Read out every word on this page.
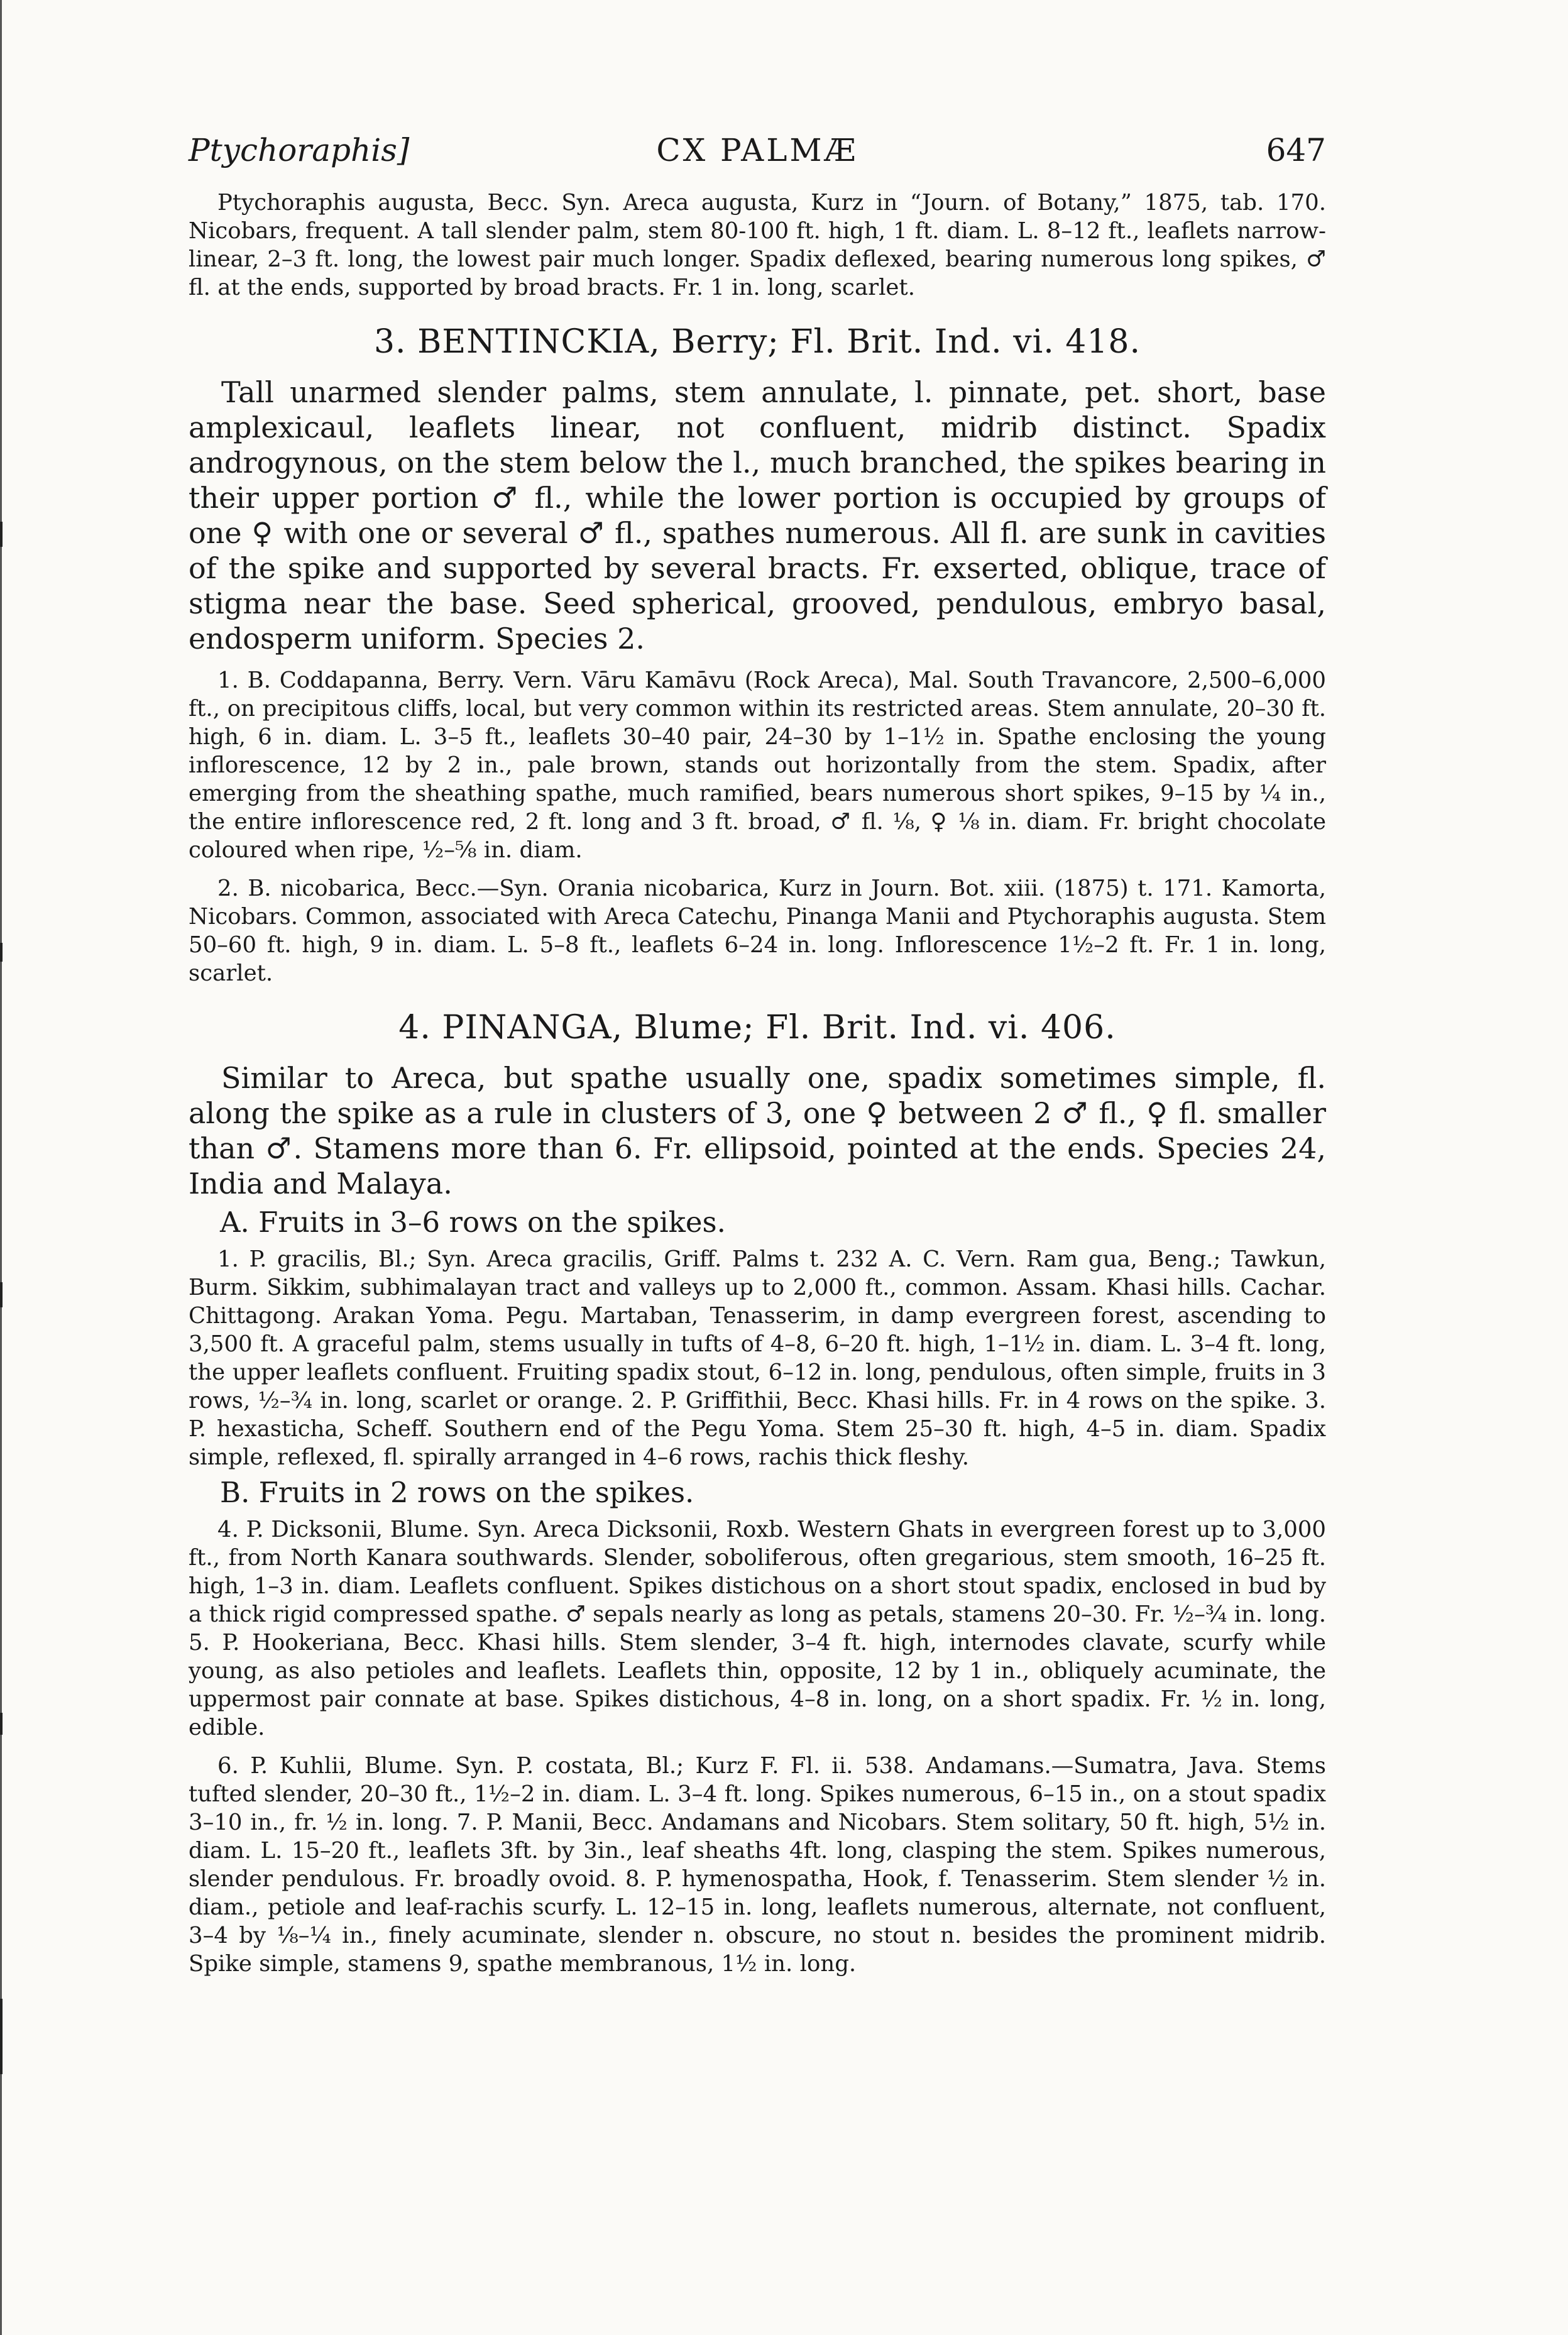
Ptychoraphis]	CX PALMÆ	647

Ptychoraphis augusta, Becc. Syn. Areca augusta, Kurz in “Journ. of Botany,” 1875, tab. 170. Nicobars, frequent. A tall slender palm, stem 80-100 ft. high, 1 ft. diam. L. 8–12 ft., leaflets narrow-linear, 2–3 ft. long, the lowest pair much longer. Spadix deflexed, bearing numerous long spikes, ♂ fl. at the ends, supported by broad bracts. Fr. 1 in. long, scarlet.

3. BENTINCKIA, Berry; Fl. Brit. Ind. vi. 418.

Tall unarmed slender palms, stem annulate, l. pinnate, pet. short, base amplexicaul, leaflets linear, not confluent, midrib distinct. Spadix androgynous, on the stem below the l., much branched, the spikes bearing in their upper portion ♂ fl., while the lower portion is occupied by groups of one ♀ with one or several ♂ fl., spathes numerous. All fl. are sunk in cavities of the spike and supported by several bracts. Fr. exserted, oblique, trace of stigma near the base. Seed spherical, grooved, pendulous, embryo basal, endosperm uniform. Species 2.

1. B. Coddapanna, Berry. Vern. Vāru Kamāvu (Rock Areca), Mal. South Travancore, 2,500–6,000 ft., on precipitous cliffs, local, but very common within its restricted areas. Stem annulate, 20–30 ft. high, 6 in. diam. L. 3–5 ft., leaflets 30–40 pair, 24–30 by 1–1½ in. Spathe enclosing the young inflorescence, 12 by 2 in., pale brown, stands out horizontally from the stem. Spadix, after emerging from the sheathing spathe, much ramified, bears numerous short spikes, 9–15 by ¼ in., the entire inflorescence red, 2 ft. long and 3 ft. broad, ♂ fl. ⅛, ♀ ⅛ in. diam. Fr. bright chocolate coloured when ripe, ½–⅝ in. diam.

2. B. nicobarica, Becc.—Syn. Orania nicobarica, Kurz in Journ. Bot. xiii. (1875) t. 171. Kamorta, Nicobars. Common, associated with Areca Catechu, Pinanga Manii and Ptychoraphis augusta. Stem 50–60 ft. high, 9 in. diam. L. 5–8 ft., leaflets 6–24 in. long. Inflorescence 1½–2 ft. Fr. 1 in. long, scarlet.

4. PINANGA, Blume; Fl. Brit. Ind. vi. 406.

Similar to Areca, but spathe usually one, spadix sometimes simple, fl. along the spike as a rule in clusters of 3, one ♀ between 2 ♂ fl., ♀ fl. smaller than ♂. Stamens more than 6. Fr. ellipsoid, pointed at the ends. Species 24, India and Malaya.

A. Fruits in 3–6 rows on the spikes.

1. P. gracilis, Bl.; Syn. Areca gracilis, Griff. Palms t. 232 A. C. Vern. Ram gua, Beng.; Tawkun, Burm. Sikkim, subhimalayan tract and valleys up to 2,000 ft., common. Assam. Khasi hills. Cachar. Chittagong. Arakan Yoma. Pegu. Martaban, Tenasserim, in damp evergreen forest, ascending to 3,500 ft. A graceful palm, stems usually in tufts of 4–8, 6–20 ft. high, 1–1½ in. diam. L. 3–4 ft. long, the upper leaflets confluent. Fruiting spadix stout, 6–12 in. long, pendulous, often simple, fruits in 3 rows, ½–¾ in. long, scarlet or orange. 2. P. Griffithii, Becc. Khasi hills. Fr. in 4 rows on the spike. 3. P. hexasticha, Scheff. Southern end of the Pegu Yoma. Stem 25–30 ft. high, 4–5 in. diam. Spadix simple, reflexed, fl. spirally arranged in 4–6 rows, rachis thick fleshy.

B. Fruits in 2 rows on the spikes.

4. P. Dicksonii, Blume. Syn. Areca Dicksonii, Roxb. Western Ghats in evergreen forest up to 3,000 ft., from North Kanara southwards. Slender, soboliferous, often gregarious, stem smooth, 16–25 ft. high, 1–3 in. diam. Leaflets confluent. Spikes distichous on a short stout spadix, enclosed in bud by a thick rigid compressed spathe. ♂ sepals nearly as long as petals, stamens 20–30. Fr. ½–¾ in. long. 5. P. Hookeriana, Becc. Khasi hills. Stem slender, 3–4 ft. high, internodes clavate, scurfy while young, as also petioles and leaflets. Leaflets thin, opposite, 12 by 1 in., obliquely acuminate, the uppermost pair connate at base. Spikes distichous, 4–8 in. long, on a short spadix. Fr. ½ in. long, edible.

6. P. Kuhlii, Blume. Syn. P. costata, Bl.; Kurz F. Fl. ii. 538. Andamans.—Sumatra, Java. Stems tufted slender, 20–30 ft., 1½–2 in. diam. L. 3–4 ft. long. Spikes numerous, 6–15 in., on a stout spadix 3–10 in., fr. ½ in. long. 7. P. Manii, Becc. Andamans and Nicobars. Stem solitary, 50 ft. high, 5½ in. diam. L. 15–20 ft., leaflets 3ft. by 3in., leaf sheaths 4ft. long, clasping the stem. Spikes numerous, slender pendulous. Fr. broadly ovoid. 8. P. hymenospatha, Hook, f. Tenasserim. Stem slender ½ in. diam., petiole and leaf-rachis scurfy. L. 12–15 in. long, leaflets numerous, alternate, not confluent, 3–4 by ⅛–¼ in., finely acuminate, slender n. obscure, no stout n. besides the prominent midrib. Spike simple, stamens 9, spathe membranous, 1½ in. long.
